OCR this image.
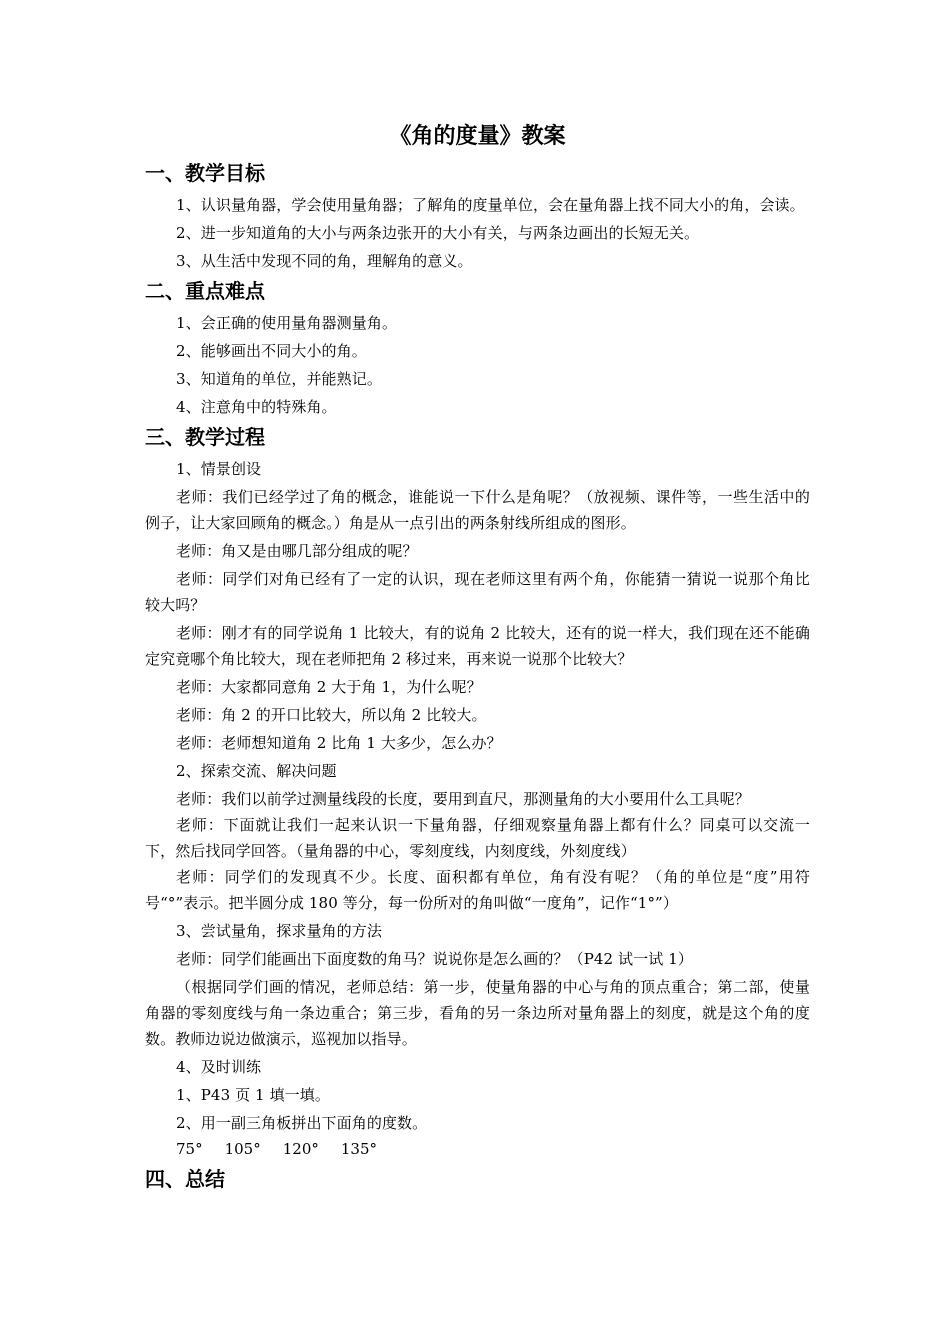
《角的度量》教案
一、教学目标

1、认识量角器，学会使用量角器；了解角的度量单位，会在量角器上找不同大小的角，会读。

2、进一步知道角的大小与两条边张开的大小有关，与两条边画出的长短无关。

3、从生活中发现不同的角，理解角的意义。

二、重点难点

1、会正确的使用量角器测量角。

2、能够画出不同大小的角。

3、知道角的单位，并能熟记。

4、注意角中的特殊角。

三、教学过程

1、情景创设

老师：我们已经学过了角的概念，谁能说一下什么是角呢？（放视频、课件等，一些生活中的例子，让大家回顾角的概念。）角是从一点引出的两条射线所组成的图形。

老师：角又是由哪几部分组成的呢？

老师：同学们对角已经有了一定的认识，现在老师这里有两个角，你能猜一猜说一说那个角比较大吗？

老师：刚才有的同学说角 1 比较大，有的说角 2 比较大，还有的说一样大，我们现在还不能确定究竟哪个角比较大，现在老师把角 2 移过来，再来说一说那个比较大？

老师：大家都同意角 2 大于角 1，为什么呢？

老师：角 2 的开口比较大，所以角 2 比较大。

老师：老师想知道角 2 比角 1 大多少，怎么办？

2、探索交流、解决问题

老师：我们以前学过测量线段的长度，要用到直尺，那测量角的大小要用什么工具呢？

老师：下面就让我们一起来认识一下量角器，仔细观察量角器上都有什么？同桌可以交流一下，然后找同学回答。（量角器的中心，零刻度线，内刻度线，外刻度线）

老师：同学们的发现真不少。长度、面积都有单位，角有没有呢？（角的单位是“度”用符号“°”表示。把半圆分成 180 等分，每一份所对的角叫做“一度角”，记作“1°”）

3、尝试量角，探求量角的方法

老师：同学们能画出下面度数的角马？说说你是怎么画的？（P42 试一试 1）

（根据同学们画的情况，老师总结：第一步，使量角器的中心与角的顶点重合；第二部，使量角器的零刻度线与角一条边重合；第三步，看角的另一条边所对量角器上的刻度，就是这个角的度数。教师边说边做演示，巡视加以指导。

4、及时训练

1、P43 页 1 填一填。

2、用一副三角板拼出下面角的度数。

75° 105° 120° 135°
四、总结
